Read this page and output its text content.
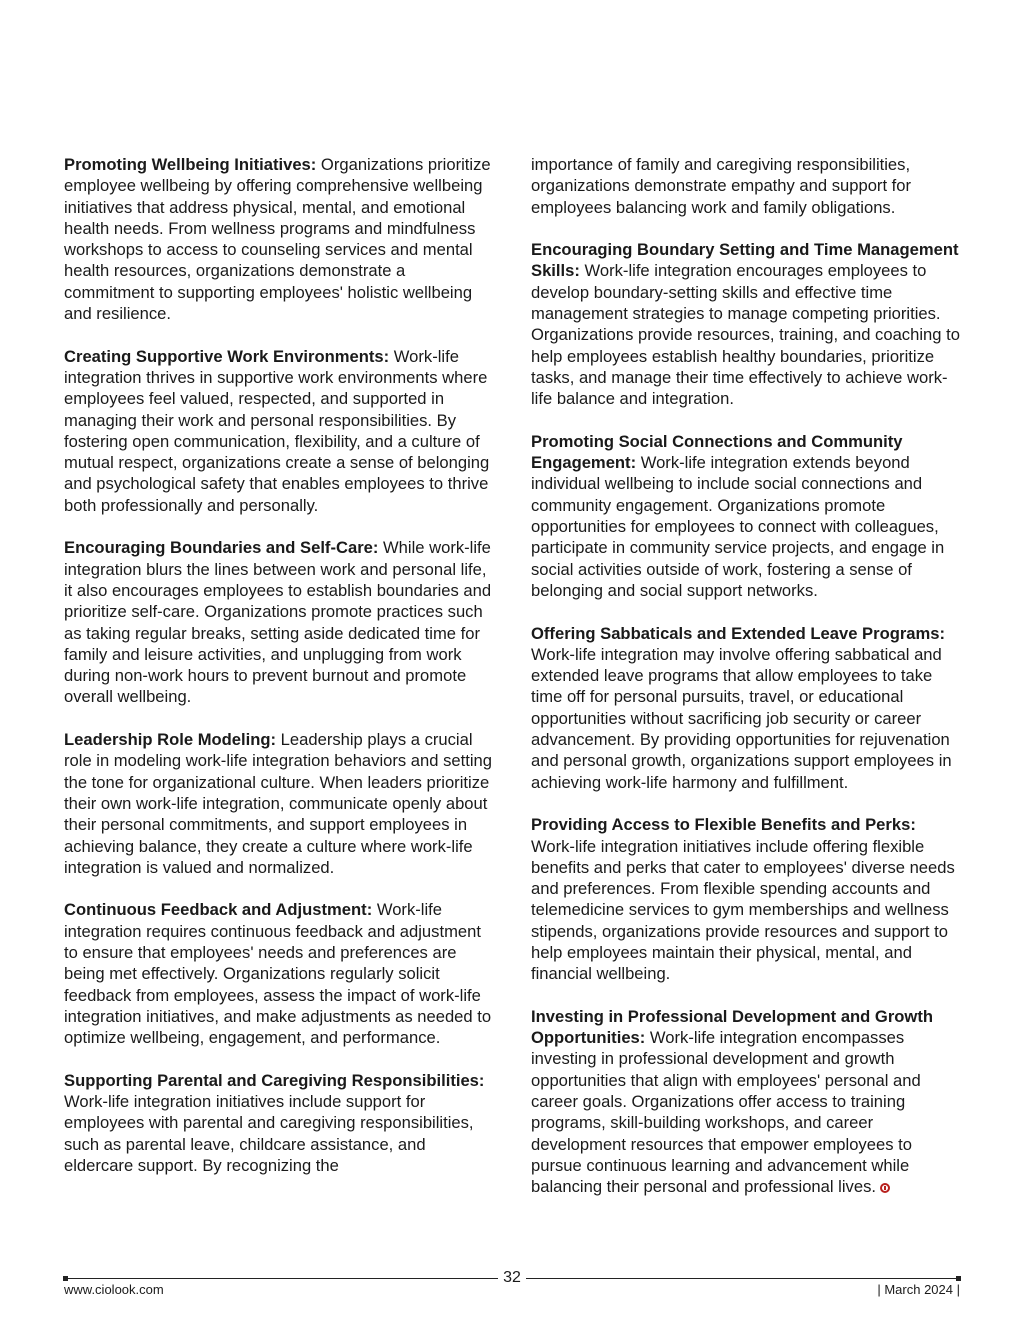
Promoting Wellbeing Initiatives: Organizations prioritize employee wellbeing by offering comprehensive wellbeing initiatives that address physical, mental, and emotional health needs. From wellness programs and mindfulness workshops to access to counseling services and mental health resources, organizations demonstrate a commitment to supporting employees' holistic wellbeing and resilience.

Creating Supportive Work Environments: Work-life integration thrives in supportive work environments where employees feel valued, respected, and supported in managing their work and personal responsibilities. By fostering open communication, flexibility, and a culture of mutual respect, organizations create a sense of belonging and psychological safety that enables employees to thrive both professionally and personally.

Encouraging Boundaries and Self-Care: While work-life integration blurs the lines between work and personal life, it also encourages employees to establish boundaries and prioritize self-care. Organizations promote practices such as taking regular breaks, setting aside dedicated time for family and leisure activities, and unplugging from work during non-work hours to prevent burnout and promote overall wellbeing.

Leadership Role Modeling: Leadership plays a crucial role in modeling work-life integration behaviors and setting the tone for organizational culture. When leaders prioritize their own work-life integration, communicate openly about their personal commitments, and support employees in achieving balance, they create a culture where work-life integration is valued and normalized.

Continuous Feedback and Adjustment: Work-life integration requires continuous feedback and adjustment to ensure that employees' needs and preferences are being met effectively. Organizations regularly solicit feedback from employees, assess the impact of work-life integration initiatives, and make adjustments as needed to optimize wellbeing, engagement, and performance.

Supporting Parental and Caregiving Responsibilities: Work-life integration initiatives include support for employees with parental and caregiving responsibilities, such as parental leave, childcare assistance, and eldercare support. By recognizing the

importance of family and caregiving responsibilities, organizations demonstrate empathy and support for employees balancing work and family obligations.

Encouraging Boundary Setting and Time Management Skills: Work-life integration encourages employees to develop boundary-setting skills and effective time management strategies to manage competing priorities. Organizations provide resources, training, and coaching to help employees establish healthy boundaries, prioritize tasks, and manage their time effectively to achieve work-life balance and integration.

Promoting Social Connections and Community Engagement: Work-life integration extends beyond individual wellbeing to include social connections and community engagement. Organizations promote opportunities for employees to connect with colleagues, participate in community service projects, and engage in social activities outside of work, fostering a sense of belonging and social support networks.

Offering Sabbaticals and Extended Leave Programs: Work-life integration may involve offering sabbatical and extended leave programs that allow employees to take time off for personal pursuits, travel, or educational opportunities without sacrificing job security or career advancement. By providing opportunities for rejuvenation and personal growth, organizations support employees in achieving work-life harmony and fulfillment.

Providing Access to Flexible Benefits and Perks: Work-life integration initiatives include offering flexible benefits and perks that cater to employees' diverse needs and preferences. From flexible spending accounts and telemedicine services to gym memberships and wellness stipends, organizations provide resources and support to help employees maintain their physical, mental, and financial wellbeing.

Investing in Professional Development and Growth Opportunities: Work-life integration encompasses investing in professional development and growth opportunities that align with employees' personal and career goals. Organizations offer access to training programs, skill-building workshops, and career development resources that empower employees to pursue continuous learning and advancement while balancing their personal and professional lives.

32
www.ciolook.com	| March 2024 |
